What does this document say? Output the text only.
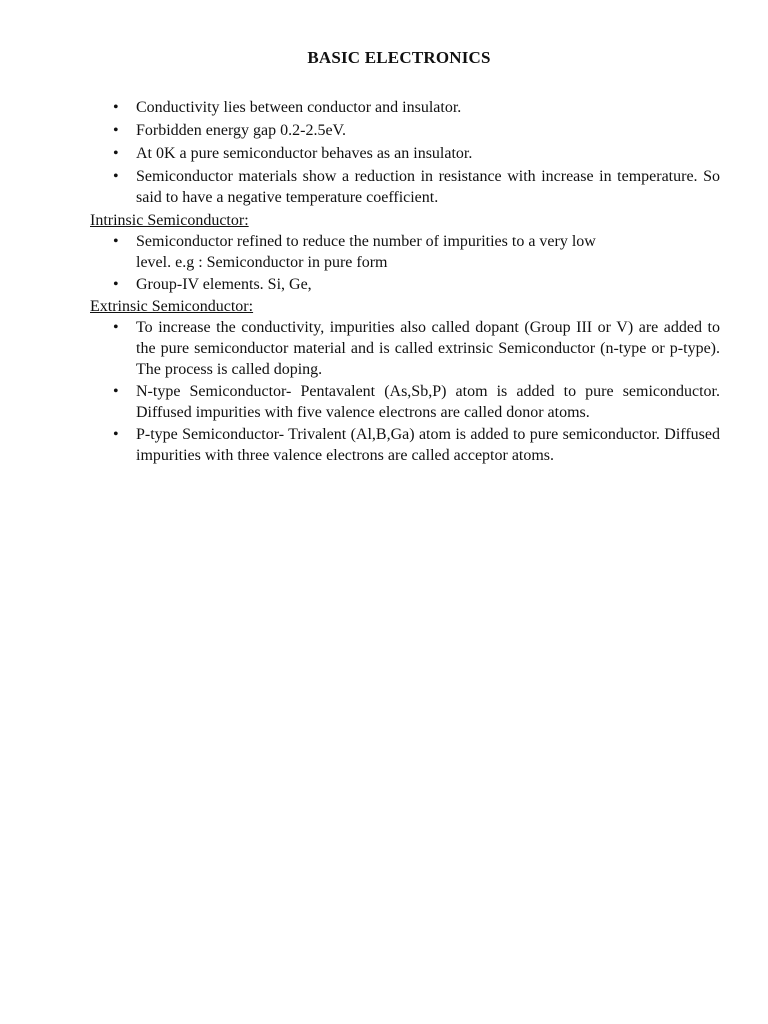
BASIC ELECTRONICS
• Conductivity lies between conductor and insulator.
• Forbidden energy gap 0.2-2.5eV.
• At 0K a pure semiconductor behaves as an insulator.
• Semiconductor materials show a reduction in resistance with increase in temperature. So said to have a negative temperature coefficient.

Intrinsic Semiconductor:

• Semiconductor refined to reduce the number of impurities to a very low
level. e.g : Semiconductor in pure form
• Group-IV elements. Si, Ge,

Extrinsic Semiconductor:

• To increase the conductivity, impurities also called dopant (Group III or V) are added to the pure semiconductor material and is called extrinsic Semiconductor (n-type or p-type). The process is called doping.
• N-type Semiconductor- Pentavalent (As,Sb,P) atom is added to pure semiconductor. Diffused impurities with five valence electrons are called donor atoms.
• P-type Semiconductor- Trivalent (Al,B,Ga) atom is added to pure semiconductor. Diffused impurities with three valence electrons are called acceptor atoms.
